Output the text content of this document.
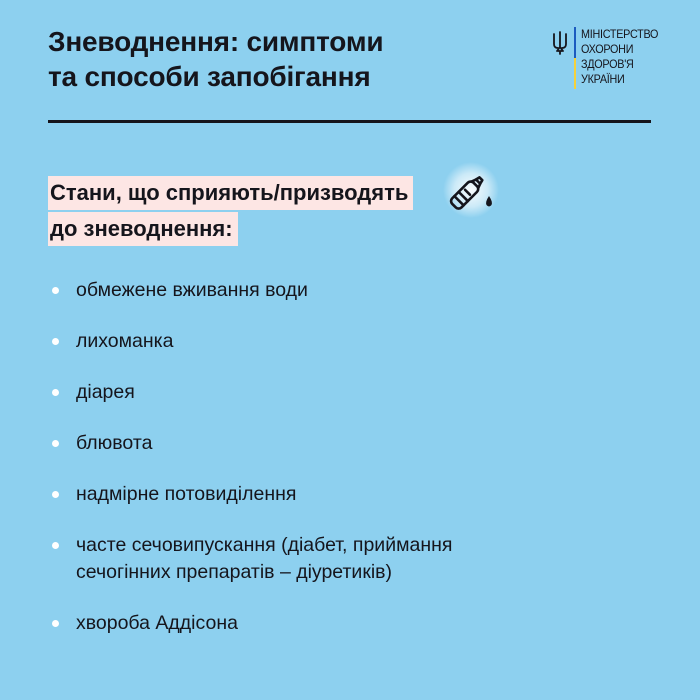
Зневоднення: симптоми
та способи запобігання
МІНІСТЕРСТВО
ОХОРОНИ
ЗДОРОВ'Я
УКРАЇНИ
Стани, що сприяють/призводять
до зневоднення:
обмежене вживання води
лихоманка
діарея
блювота
надмірне потовиділення
часте сечовипускання (діабет, приймання
сечогінних препаратів – діуретиків)
хвороба Аддісона
